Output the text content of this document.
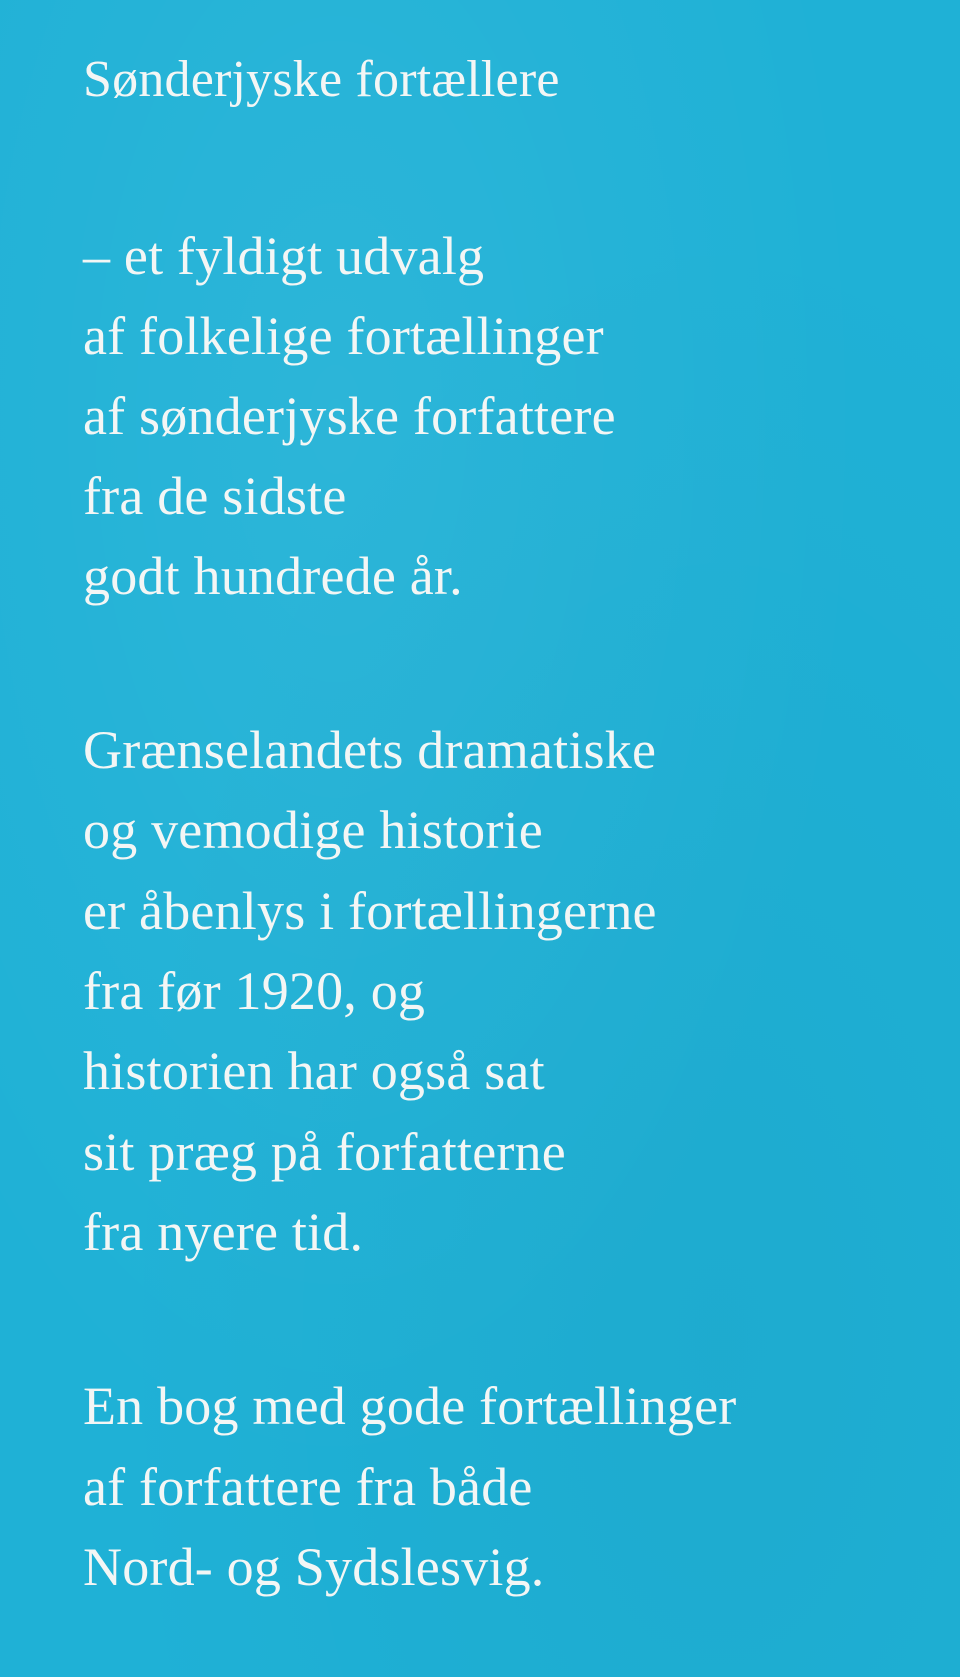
Sønderjyske fortællere

– et fyldigt udvalg

af folkelige fortællinger

af sønderjyske forfattere

fra de sidste

godt hundrede år.

Grænselandets dramatiske

og vemodige historie

er åbenlys i fortællingerne

fra før 1920, og

historien har også sat

sit præg på forfatterne

fra nyere tid.

En bog med gode fortællinger

af forfattere fra både

Nord- og Sydslesvig.
